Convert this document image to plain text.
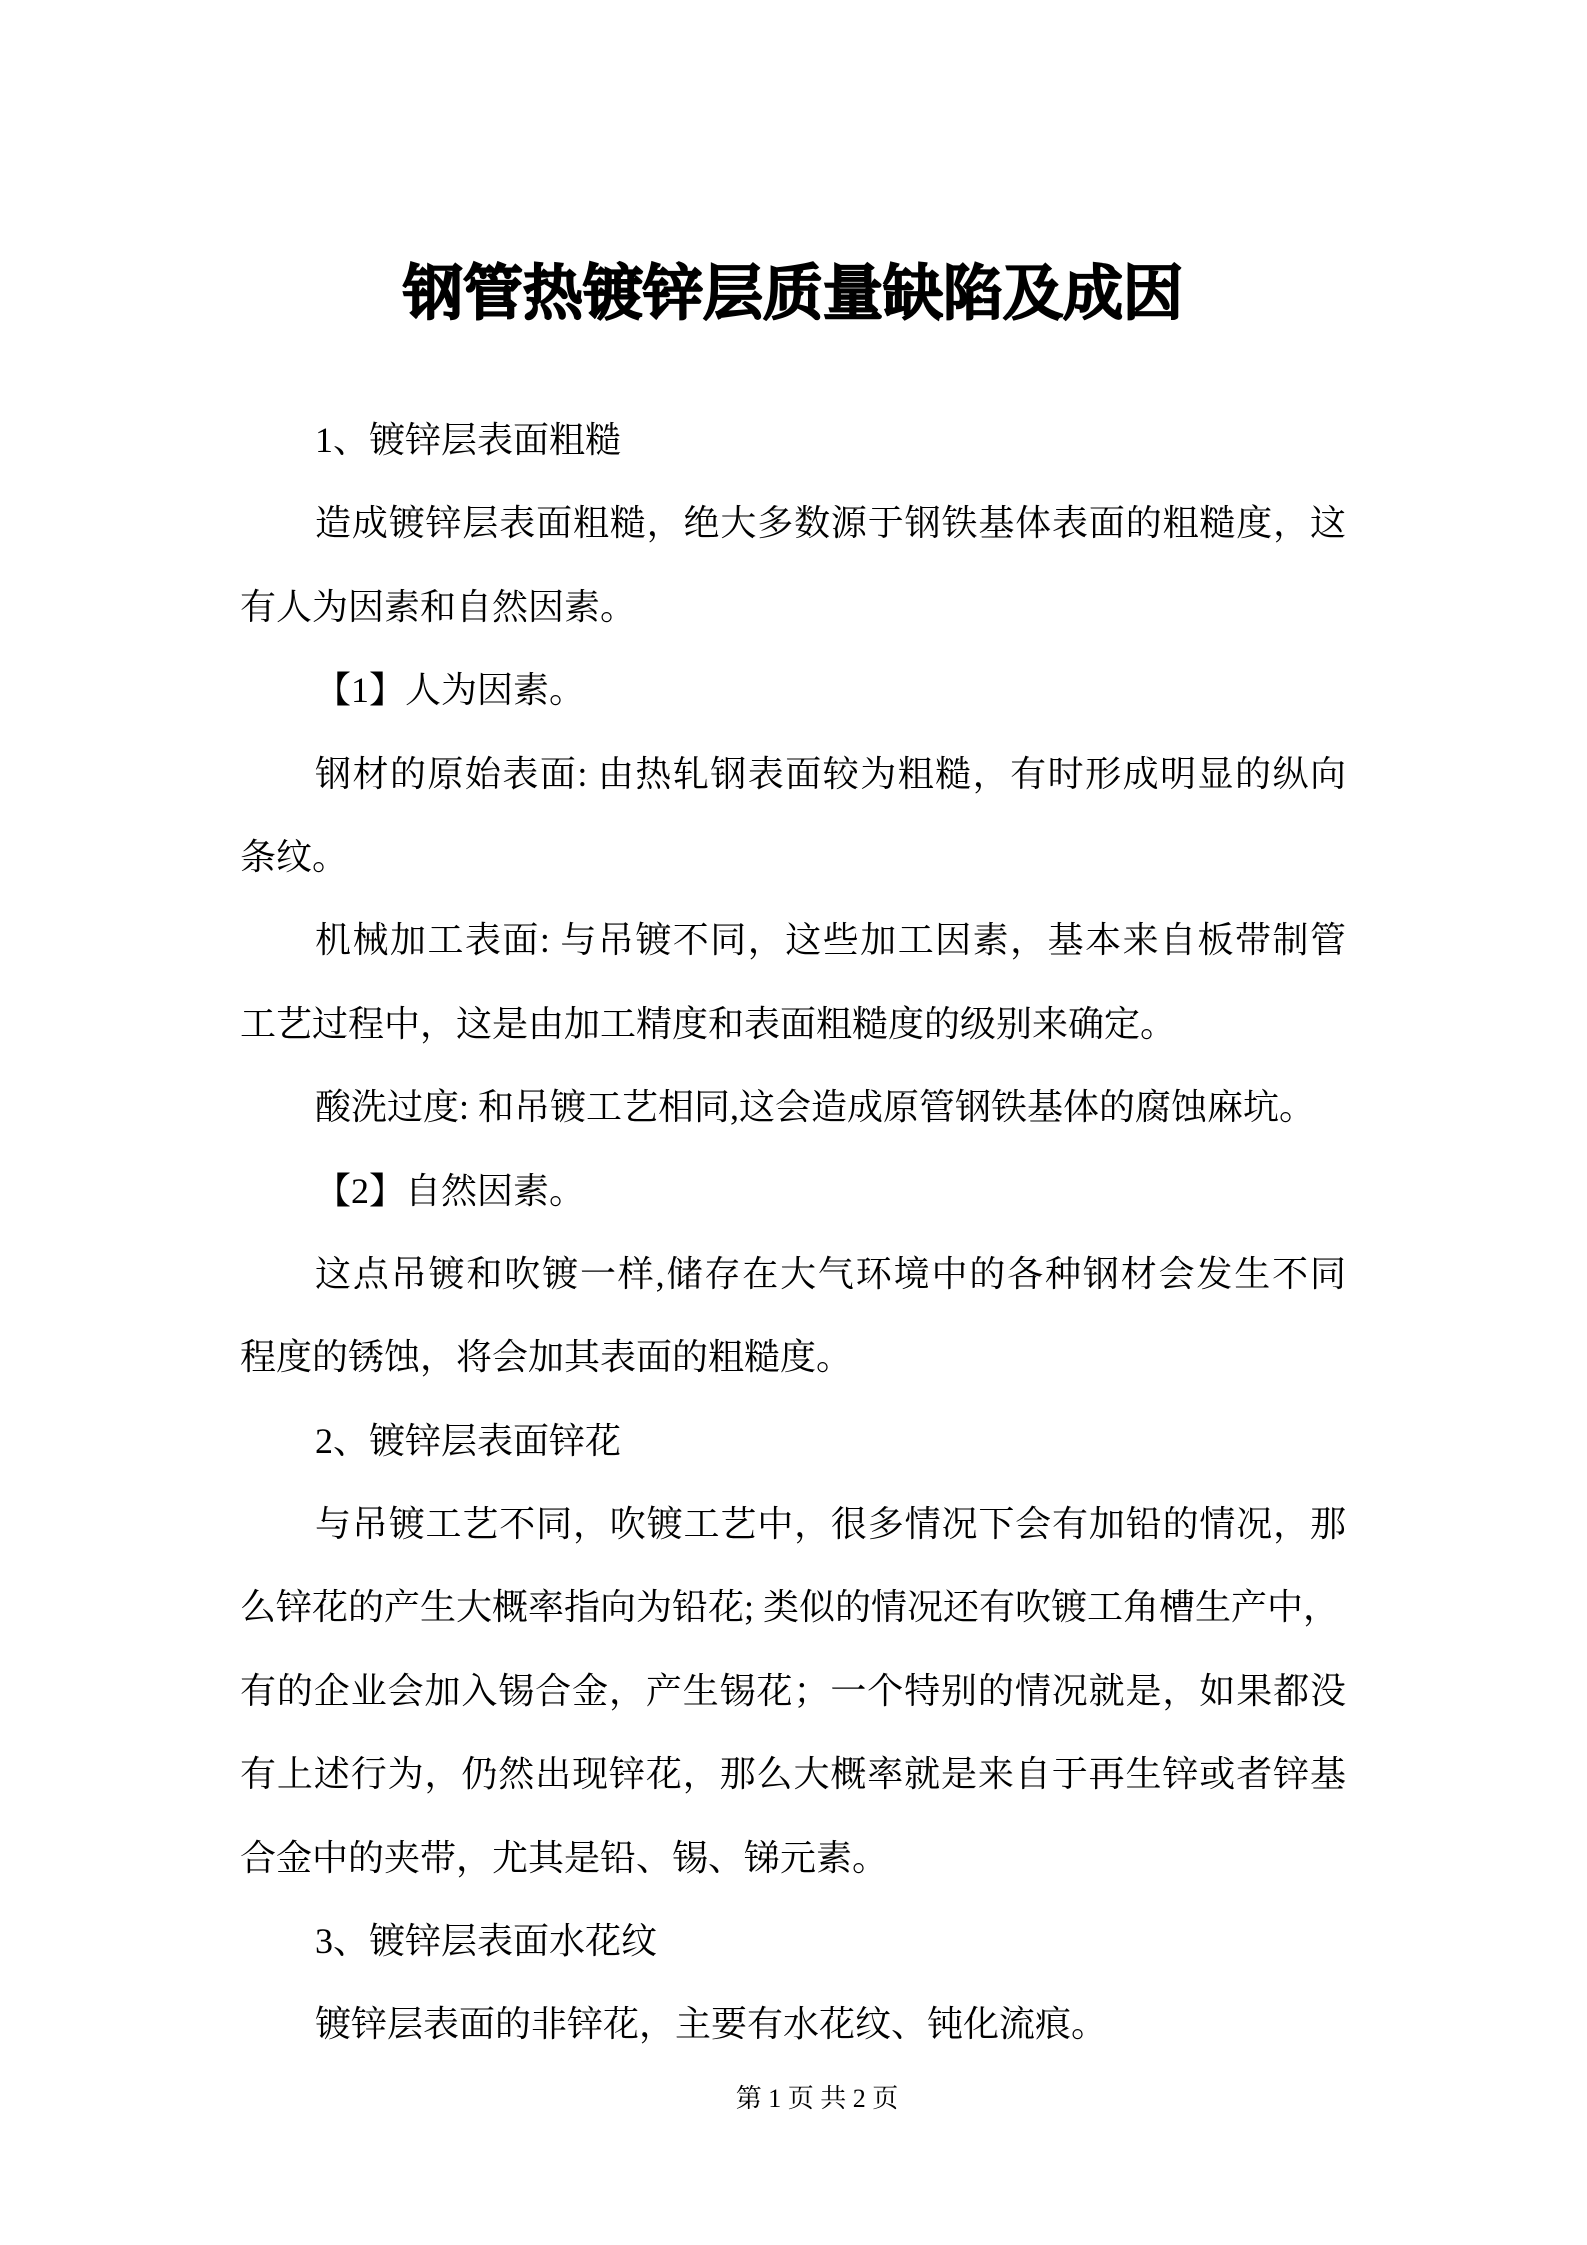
钢管热镀锌层质量缺陷及成因
1、镀锌层表面粗糙
造成镀锌层表面粗糙，绝大多数源于钢铁基体表面的粗糙度，这
有人为因素和自然因素。
【1】人为因素。
钢材的原始表面: 由热轧钢表面较为粗糙，有时形成明显的纵向
条纹。
机械加工表面: 与吊镀不同，这些加工因素，基本来自板带制管
工艺过程中，这是由加工精度和表面粗糙度的级别来确定。
酸洗过度: 和吊镀工艺相同,这会造成原管钢铁基体的腐蚀麻坑。
【2】自然因素。
这点吊镀和吹镀一样,储存在大气环境中的各种钢材会发生不同
程度的锈蚀，将会加其表面的粗糙度。
2、镀锌层表面锌花
与吊镀工艺不同，吹镀工艺中，很多情况下会有加铅的情况，那
么锌花的产生大概率指向为铅花; 类似的情况还有吹镀工角槽生产中，
有的企业会加入锡合金，产生锡花；一个特别的情况就是，如果都没
有上述行为，仍然出现锌花，那么大概率就是来自于再生锌或者锌基
合金中的夹带，尤其是铅、锡、锑元素。
3、镀锌层表面水花纹
镀锌层表面的非锌花，主要有水花纹、钝化流痕。
第 1 页 共 2 页
